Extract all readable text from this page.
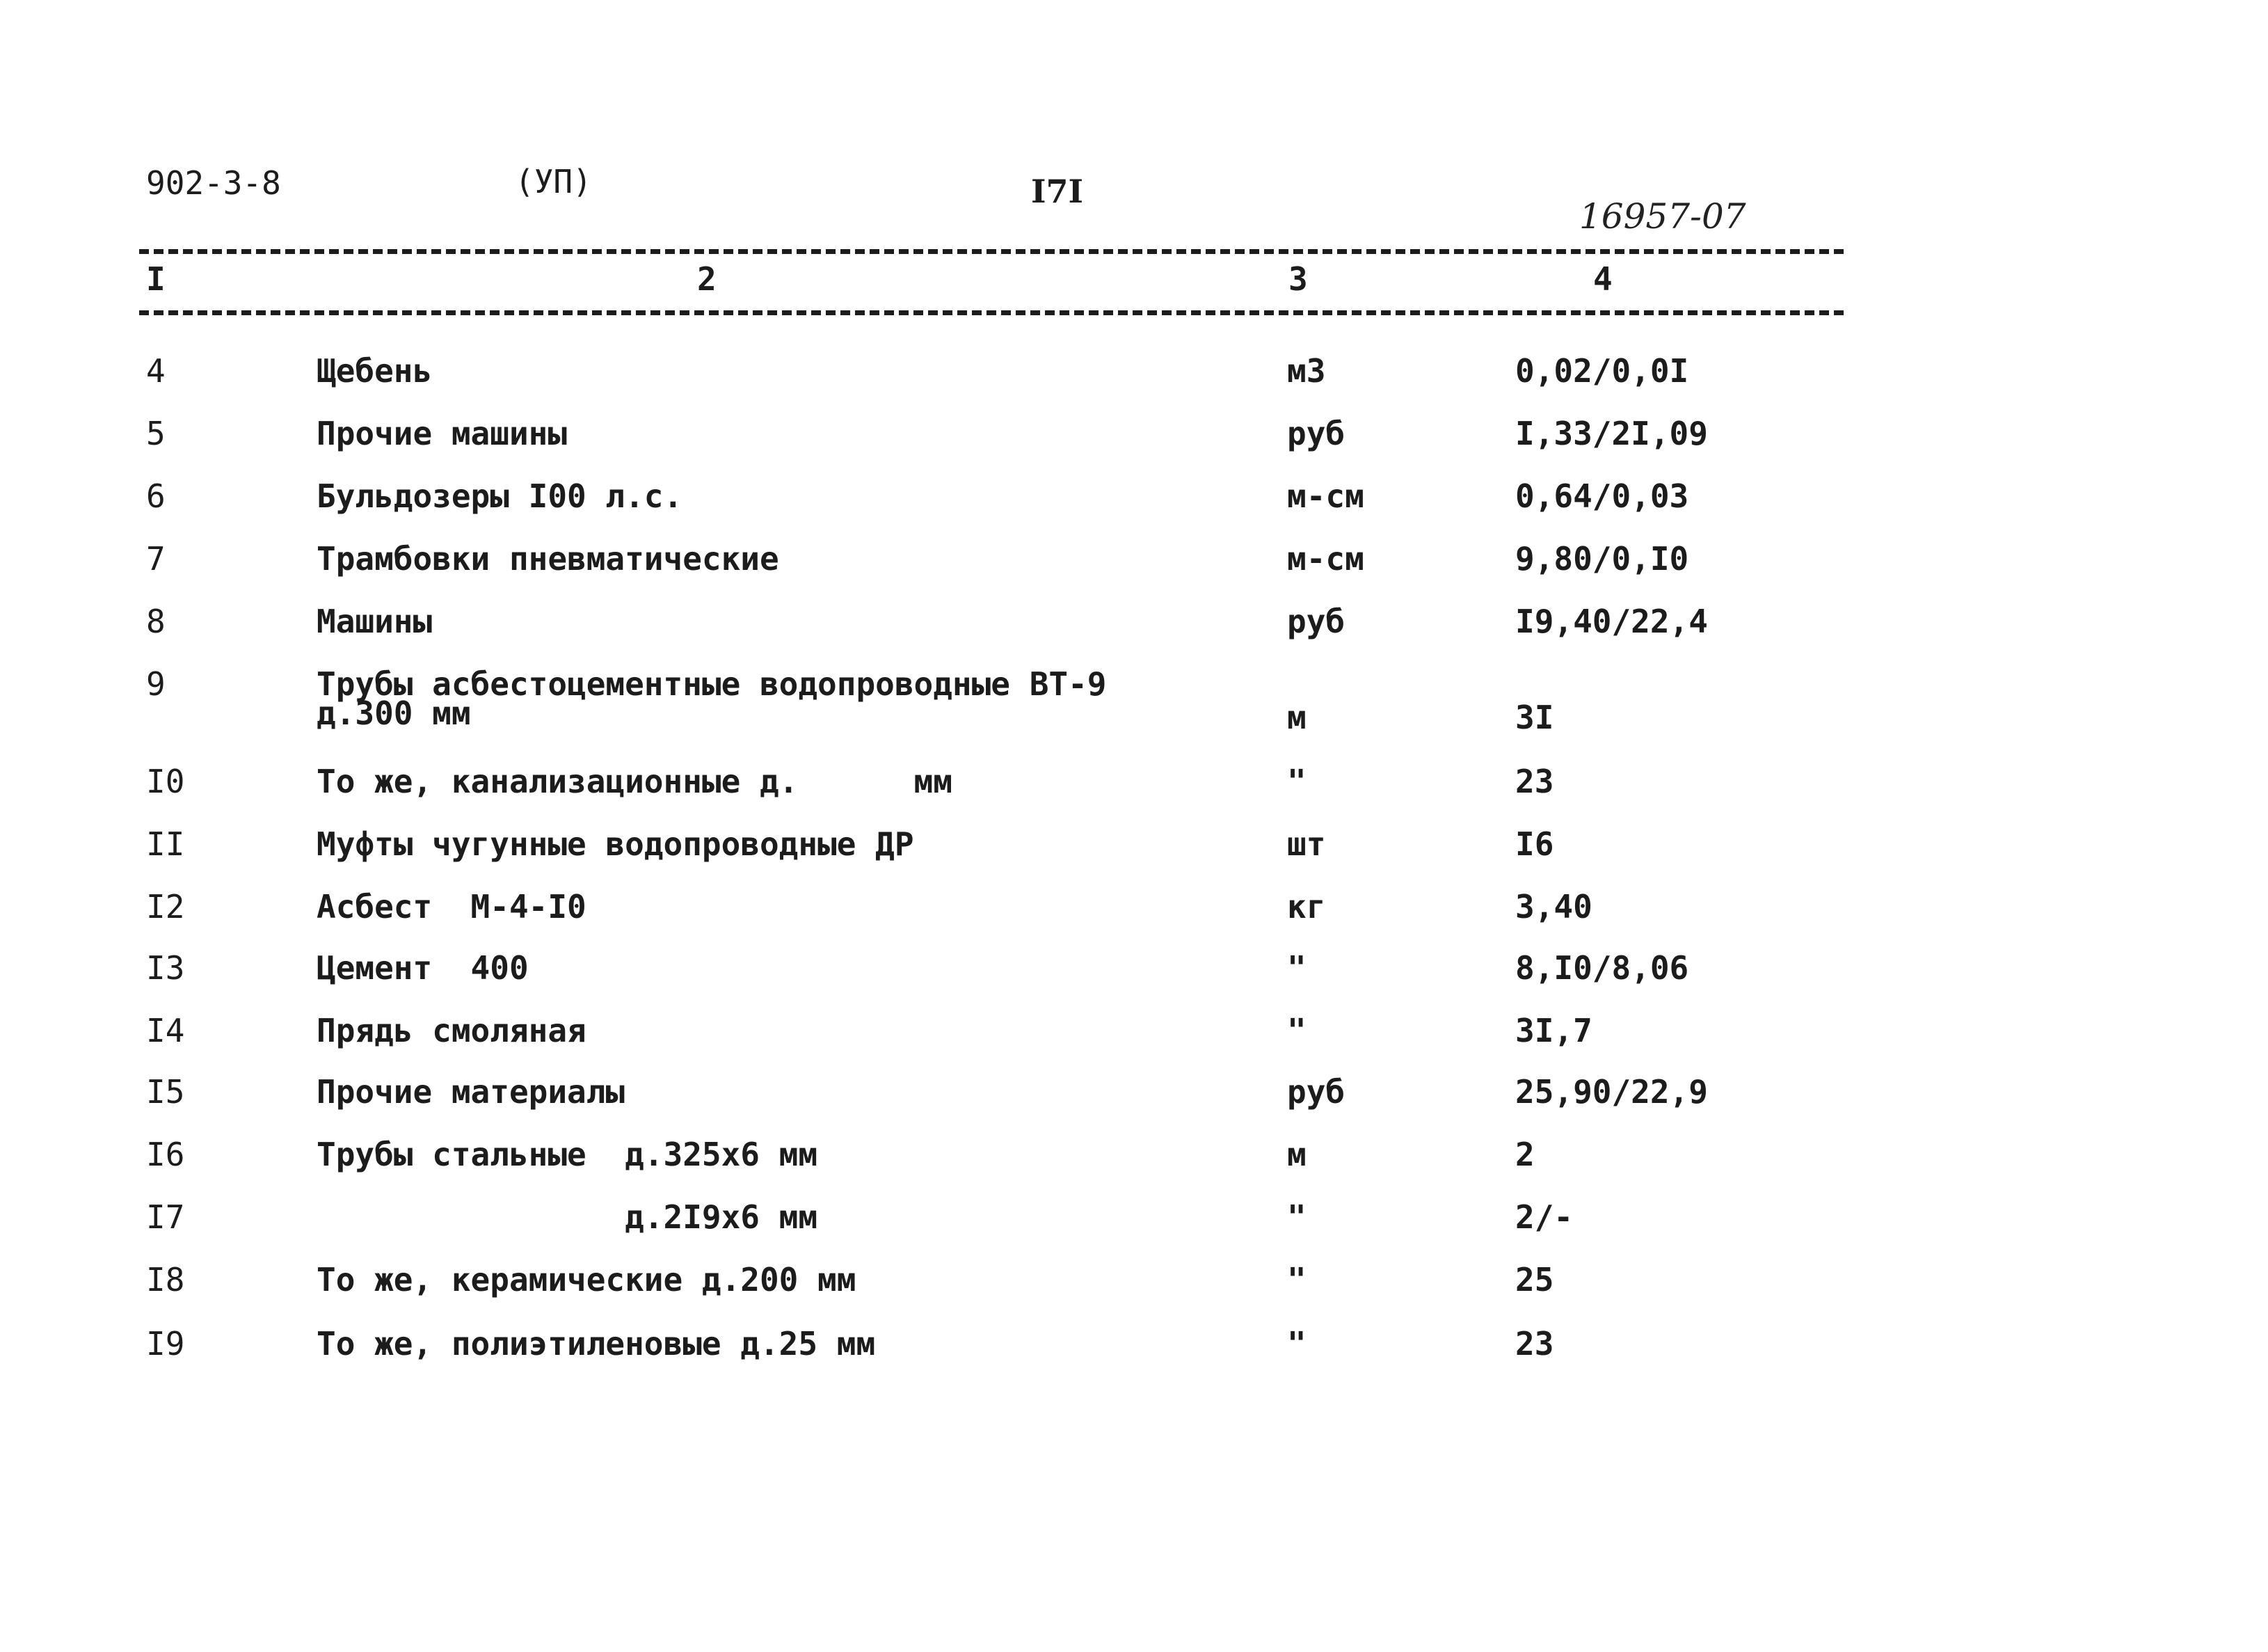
902-3-8	(УП)	I7I
16957-07
I	2	3	4
4	Щебень	м3	0,02/0,0I
5	Прочие машины	руб	I,33/2I,09
6	Бульдозеры I00 л.с.	м-см	0,64/0,03
7	Трамбовки пневматические	м-см	9,80/0,I0
8	Машины	руб	I9,40/22,4
9	Трубы асбестоцементные водопроводные ВТ-9
д.300 мм	м	3I
I0	То же, канализационные д.      мм	"	23
II	Муфты чугунные водопроводные ДР	шт	I6
I2	Асбест  М-4-I0	кг	3,40
I3	Цемент  400	"	8,I0/8,06
I4	Прядь смоляная	"	3I,7
I5	Прочие материалы	руб	25,90/22,9
I6	Трубы стальные  д.325х6 мм	м	2
I7	д.2I9х6 мм	"	2/-
I8	То же, керамические д.200 мм	"	25
I9	То же, полиэтиленовые д.25 мм	"	23
